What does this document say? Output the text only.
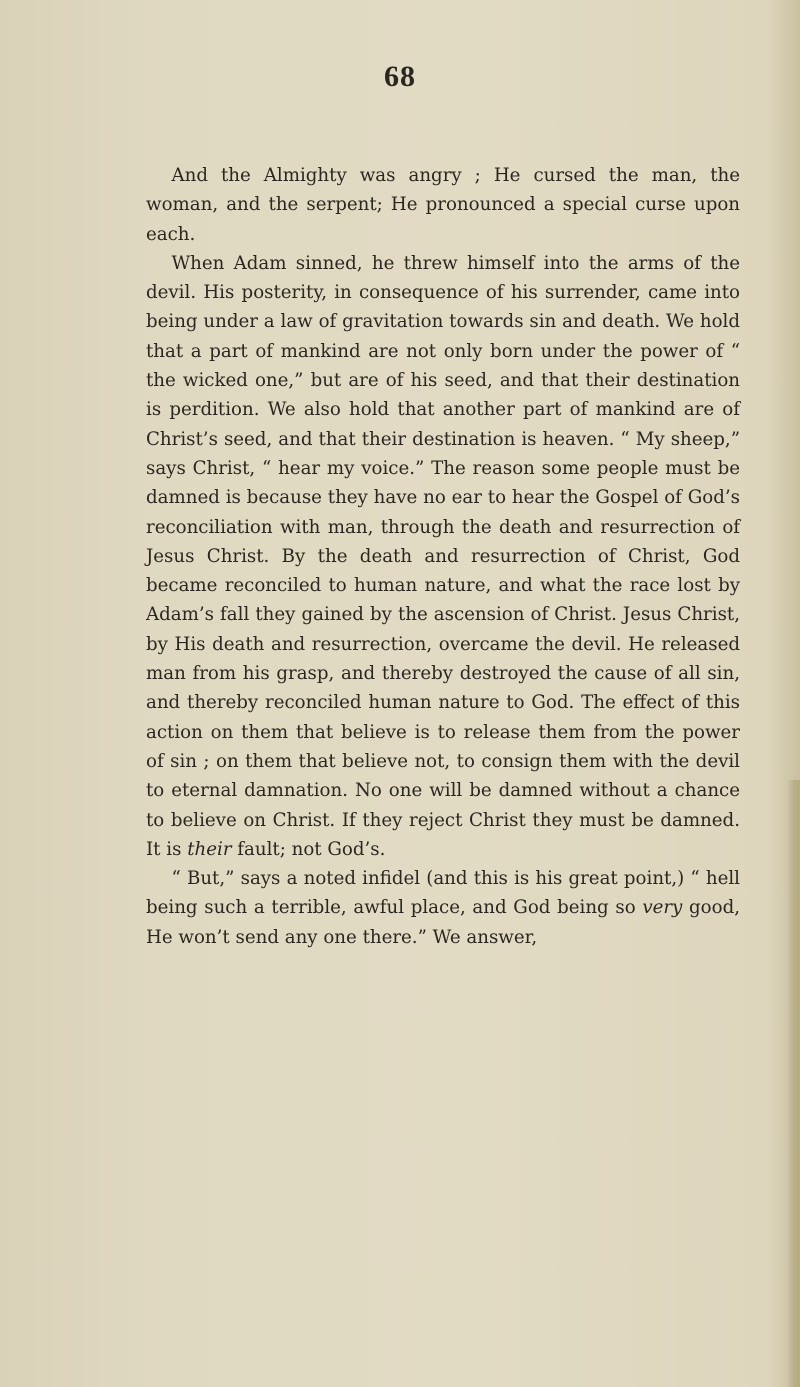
68

And the Almighty was angry ; He cursed the man, the woman, and the serpent; He pronounced a special curse upon each.

When Adam sinned, he threw himself into the arms of the devil. His posterity, in consequence of his surrender, came into being under a law of gravitation towards sin and death. We hold that a part of mankind are not only born under the power of “ the wicked one,” but are of his seed, and that their destination is perdition. We also hold that another part of mankind are of Christ’s seed, and that their destination is heaven. “ My sheep,” says Christ, “ hear my voice.” The reason some people must be damned is because they have no ear to hear the Gospel of God’s reconciliation with man, through the death and resurrection of Jesus Christ. By the death and resurrection of Christ, God became reconciled to human nature, and what the race lost by Adam’s fall they gained by the ascension of Christ. Jesus Christ, by His death and resurrection, overcame the devil. He released man from his grasp, and thereby destroyed the cause of all sin, and thereby reconciled human nature to God. The effect of this action on them that believe is to release them from the power of sin ; on them that believe not, to consign them with the devil to eternal damnation. No one will be damned without a chance to believe on Christ. If they reject Christ they must be damned. It is their fault; not God’s.

“ But,” says a noted infidel (and this is his great point,) “ hell being such a terrible, awful place, and God being so very good, He won’t send any one there.” We answer,
